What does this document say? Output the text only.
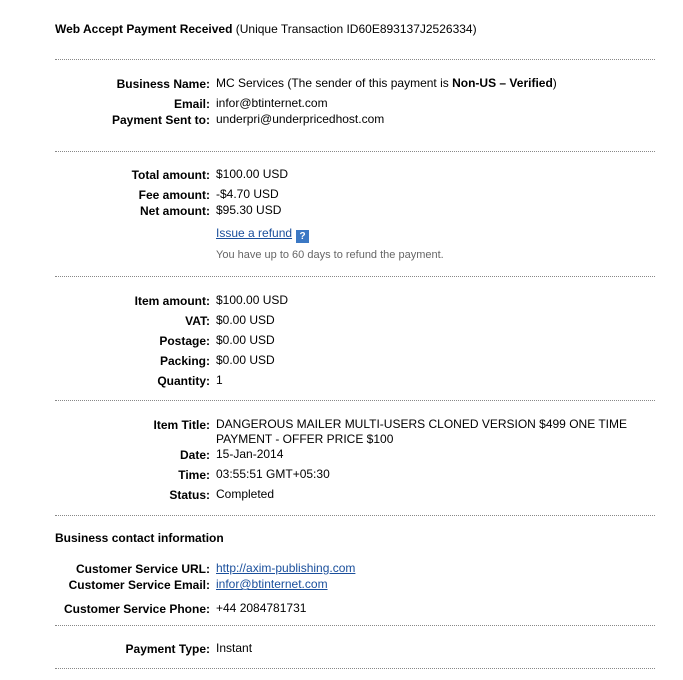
Web Accept Payment Received (Unique Transaction ID60E893137J2526334)
Business Name: MC Services (The sender of this payment is Non-US – Verified)
Email: infor@btinternet.com
Payment Sent to: underpri@underpricedhost.com
Total amount: $100.00 USD
Fee amount: -$4.70 USD
Net amount: $95.30 USD
Issue a refund ?
You have up to 60 days to refund the payment.
Item amount: $100.00 USD
VAT: $0.00 USD
Postage: $0.00 USD
Packing: $0.00 USD
Quantity: 1
Item Title: DANGEROUS MAILER MULTI-USERS CLONED VERSION $499 ONE TIME PAYMENT - OFFER PRICE $100
Date: 15-Jan-2014
Time: 03:55:51 GMT+05:30
Status: Completed
Business contact information
Customer Service URL: http://axim-publishing.com
Customer Service Email: infor@btinternet.com
Customer Service Phone: +44 2084781731
Payment Type: Instant
